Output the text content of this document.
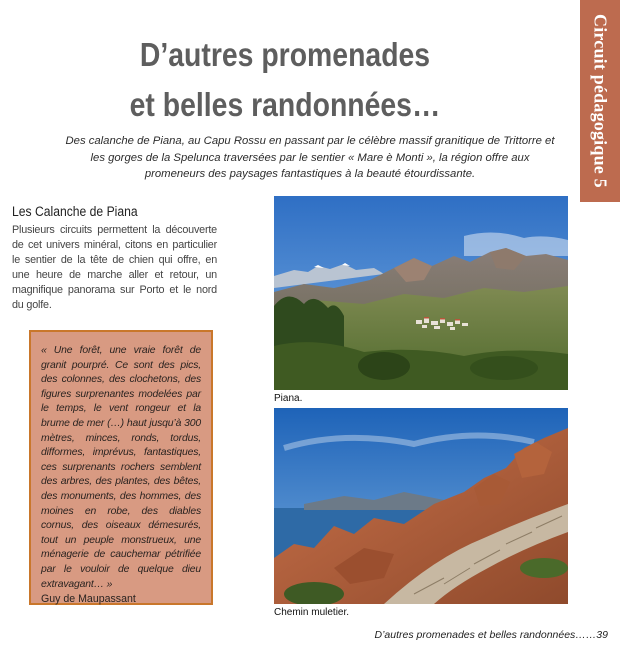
D’autres promenades
et belles randonnées…	Circuit pédagogique 5

Des calanche de Piana, au Capu Rossu en passant par le célèbre massif granitique de Trittorre et les gorges de la Spelunca traversées par le sentier « Mare è Monti », la région offre aux promeneurs des paysages fantastiques à la beauté étourdissante.

Les Calanche de Piana

Plusieurs circuits permettent la découverte de cet univers minéral, citons en particulier le sentier de la tête de chien qui offre, en une heure de marche aller et retour, un magnifique panorama sur Porto et le nord du golfe.

« Une forêt, une vraie forêt de granit pourpré. Ce sont des pics, des colonnes, des clochetons, des figures surprenantes modelées par le temps, le vent rongeur et la brume de mer (…) haut jusqu’à 300 mètres, minces, ronds, tordus, difformes, imprévus, fantastiques, ces surprenants rochers semblent des arbres, des plantes, des bêtes, des monuments, des hommes, des moines en robe, des diables cornus, des oiseaux démesurés, tout un peuple monstrueux, une ménagerie de cauchemar pétrifiée par le vouloir de quelque dieu extravagant… »

Guy de Maupassant

Piana.
Chemin muletier.
D’autres promenades et belles randonnées……39
